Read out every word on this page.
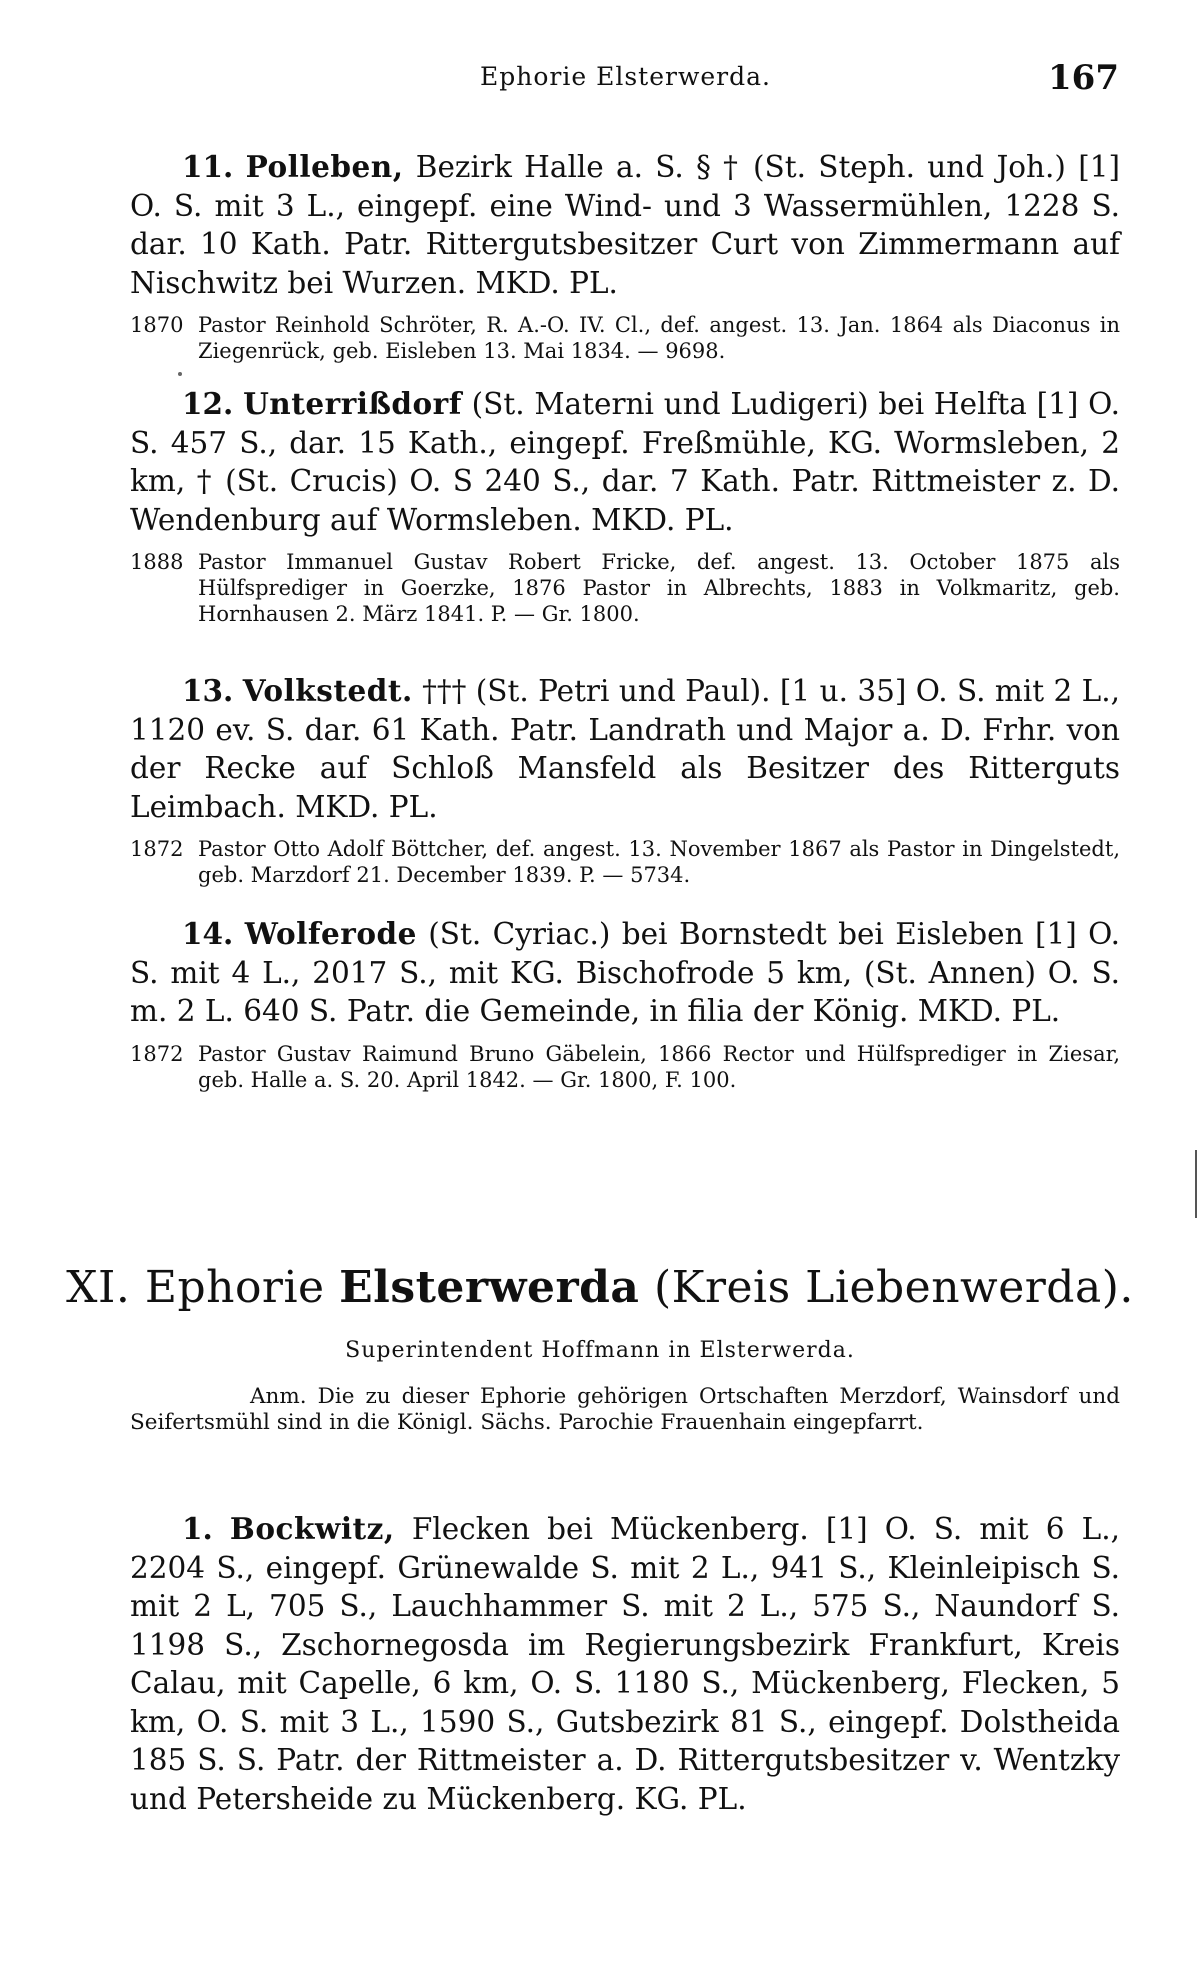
Ephorie Elsterwerda.	167

11. Polleben, Bezirk Halle a. S. § † (St. Steph. und Joh.) [1] O. S. mit 3 L., eingepf. eine Wind- und 3 Wassermühlen, 1228 S. dar. 10 Kath. Patr. Rittergutsbesitzer Curt von Zimmermann auf Nischwitz bei Wurzen. MKD. PL.

1870 Pastor Reinhold Schröter, R. A.-O. IV. Cl., def. angest. 13. Jan. 1864 als Diaconus in Ziegenrück, geb. Eisleben 13. Mai 1834. — 9698.

12. Unterrißdorf (St. Materni und Ludigeri) bei Helfta [1] O. S. 457 S., dar. 15 Kath., eingepf. Freßmühle, KG. Wormsleben, 2 km, † (St. Crucis) O. S 240 S., dar. 7 Kath. Patr. Rittmeister z. D. Wendenburg auf Wormsleben. MKD. PL.

1888 Pastor Immanuel Gustav Robert Fricke, def. angest. 13. October 1875 als Hülfsprediger in Goerzke, 1876 Pastor in Albrechts, 1883 in Volkmaritz, geb. Hornhausen 2. März 1841. P. — Gr. 1800.

13. Volkstedt. ††† (St. Petri und Paul). [1 u. 35] O. S. mit 2 L., 1120 ev. S. dar. 61 Kath. Patr. Landrath und Major a. D. Frhr. von der Recke auf Schloß Mansfeld als Besitzer des Ritterguts Leimbach. MKD. PL.

1872 Pastor Otto Adolf Böttcher, def. angest. 13. November 1867 als Pastor in Dingelstedt, geb. Marzdorf 21. December 1839. P. — 5734.

14. Wolferode (St. Cyriac.) bei Bornstedt bei Eisleben [1] O. S. mit 4 L., 2017 S., mit KG. Bischofrode 5 km, (St. Annen) O. S. m. 2 L. 640 S. Patr. die Gemeinde, in filia der König. MKD. PL.

1872 Pastor Gustav Raimund Bruno Gäbelein, 1866 Rector und Hülfsprediger in Ziesar, geb. Halle a. S. 20. April 1842. — Gr. 1800, F. 100.

XI. Ephorie Elsterwerda (Kreis Liebenwerda).
Superintendent Hoffmann in Elsterwerda.

Anm. Die zu dieser Ephorie gehörigen Ortschaften Merzdorf, Wainsdorf und Seifertsmühl sind in die Königl. Sächs. Parochie Frauenhain eingepfarrt.

1. Bockwitz, Flecken bei Mückenberg. [1] O. S. mit 6 L., 2204 S., eingepf. Grünewalde S. mit 2 L., 941 S., Kleinleipisch S. mit 2 L, 705 S., Lauchhammer S. mit 2 L., 575 S., Naundorf S. 1198 S., Zschornegosda im Regierungsbezirk Frankfurt, Kreis Calau, mit Capelle, 6 km, O. S. 1180 S., Mückenberg, Flecken, 5 km, O. S. mit 3 L., 1590 S., Gutsbezirk 81 S., eingepf. Dolstheida 185 S. S. Patr. der Rittmeister a. D. Rittergutsbesitzer v. Wentzky und Petersheide zu Mückenberg. KG. PL.
